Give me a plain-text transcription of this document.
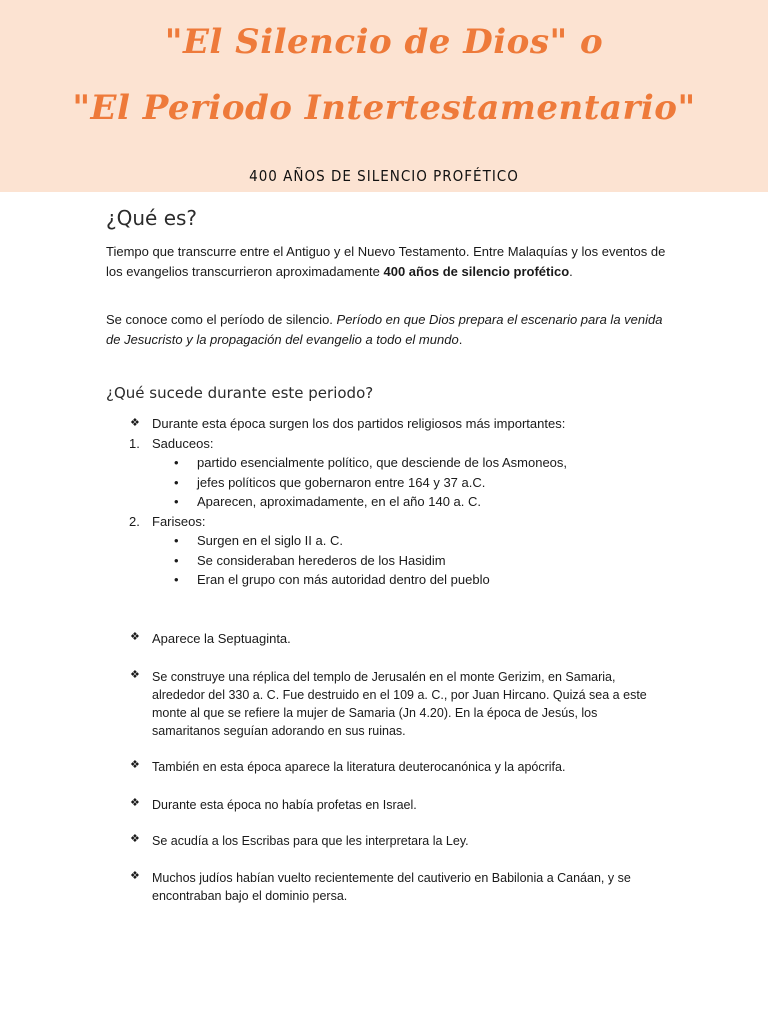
"El Silencio de Dios" o
"El Periodo Intertestamentario"
400 AÑOS DE SILENCIO PROFÉTICO
¿Qué es?

Tiempo que transcurre entre el Antiguo y el Nuevo Testamento. Entre Malaquías y los eventos de los evangelios transcurrieron aproximadamente 400 años de silencio profético.

Se conoce como el período de silencio. Período en que Dios prepara el escenario para la venida de Jesucristo y la propagación del evangelio a todo el mundo.

¿Qué sucede durante este periodo?
❖ Durante esta época surgen los dos partidos religiosos más importantes:
1. Saduceos:
• partido esencialmente político, que desciende de los Asmoneos,
• jefes políticos que gobernaron entre 164 y 37 a.C.
• Aparecen, aproximadamente, en el año 140 a. C.
2. Fariseos:
• Surgen en el siglo II a. C.
• Se consideraban herederos de los Hasidim
• Eran el grupo con más autoridad dentro del pueblo
❖ Aparece la Septuaginta.
❖ Se construye una réplica del templo de Jerusalén en el monte Gerizim, en Samaria, alrededor del 330 a. C. Fue destruido en el 109 a. C., por Juan Hircano. Quizá sea a este monte al que se refiere la mujer de Samaria (Jn 4.20). En la época de Jesús, los samaritanos seguían adorando en sus ruinas.
❖ También en esta época aparece la literatura deuterocanónica y la apócrifa.
❖ Durante esta época no había profetas en Israel.
❖ Se acudía a los Escribas para que les interpretara la Ley.
❖ Muchos judíos habían vuelto recientemente del cautiverio en Babilonia a Canáan, y se encontraban bajo el dominio persa.
